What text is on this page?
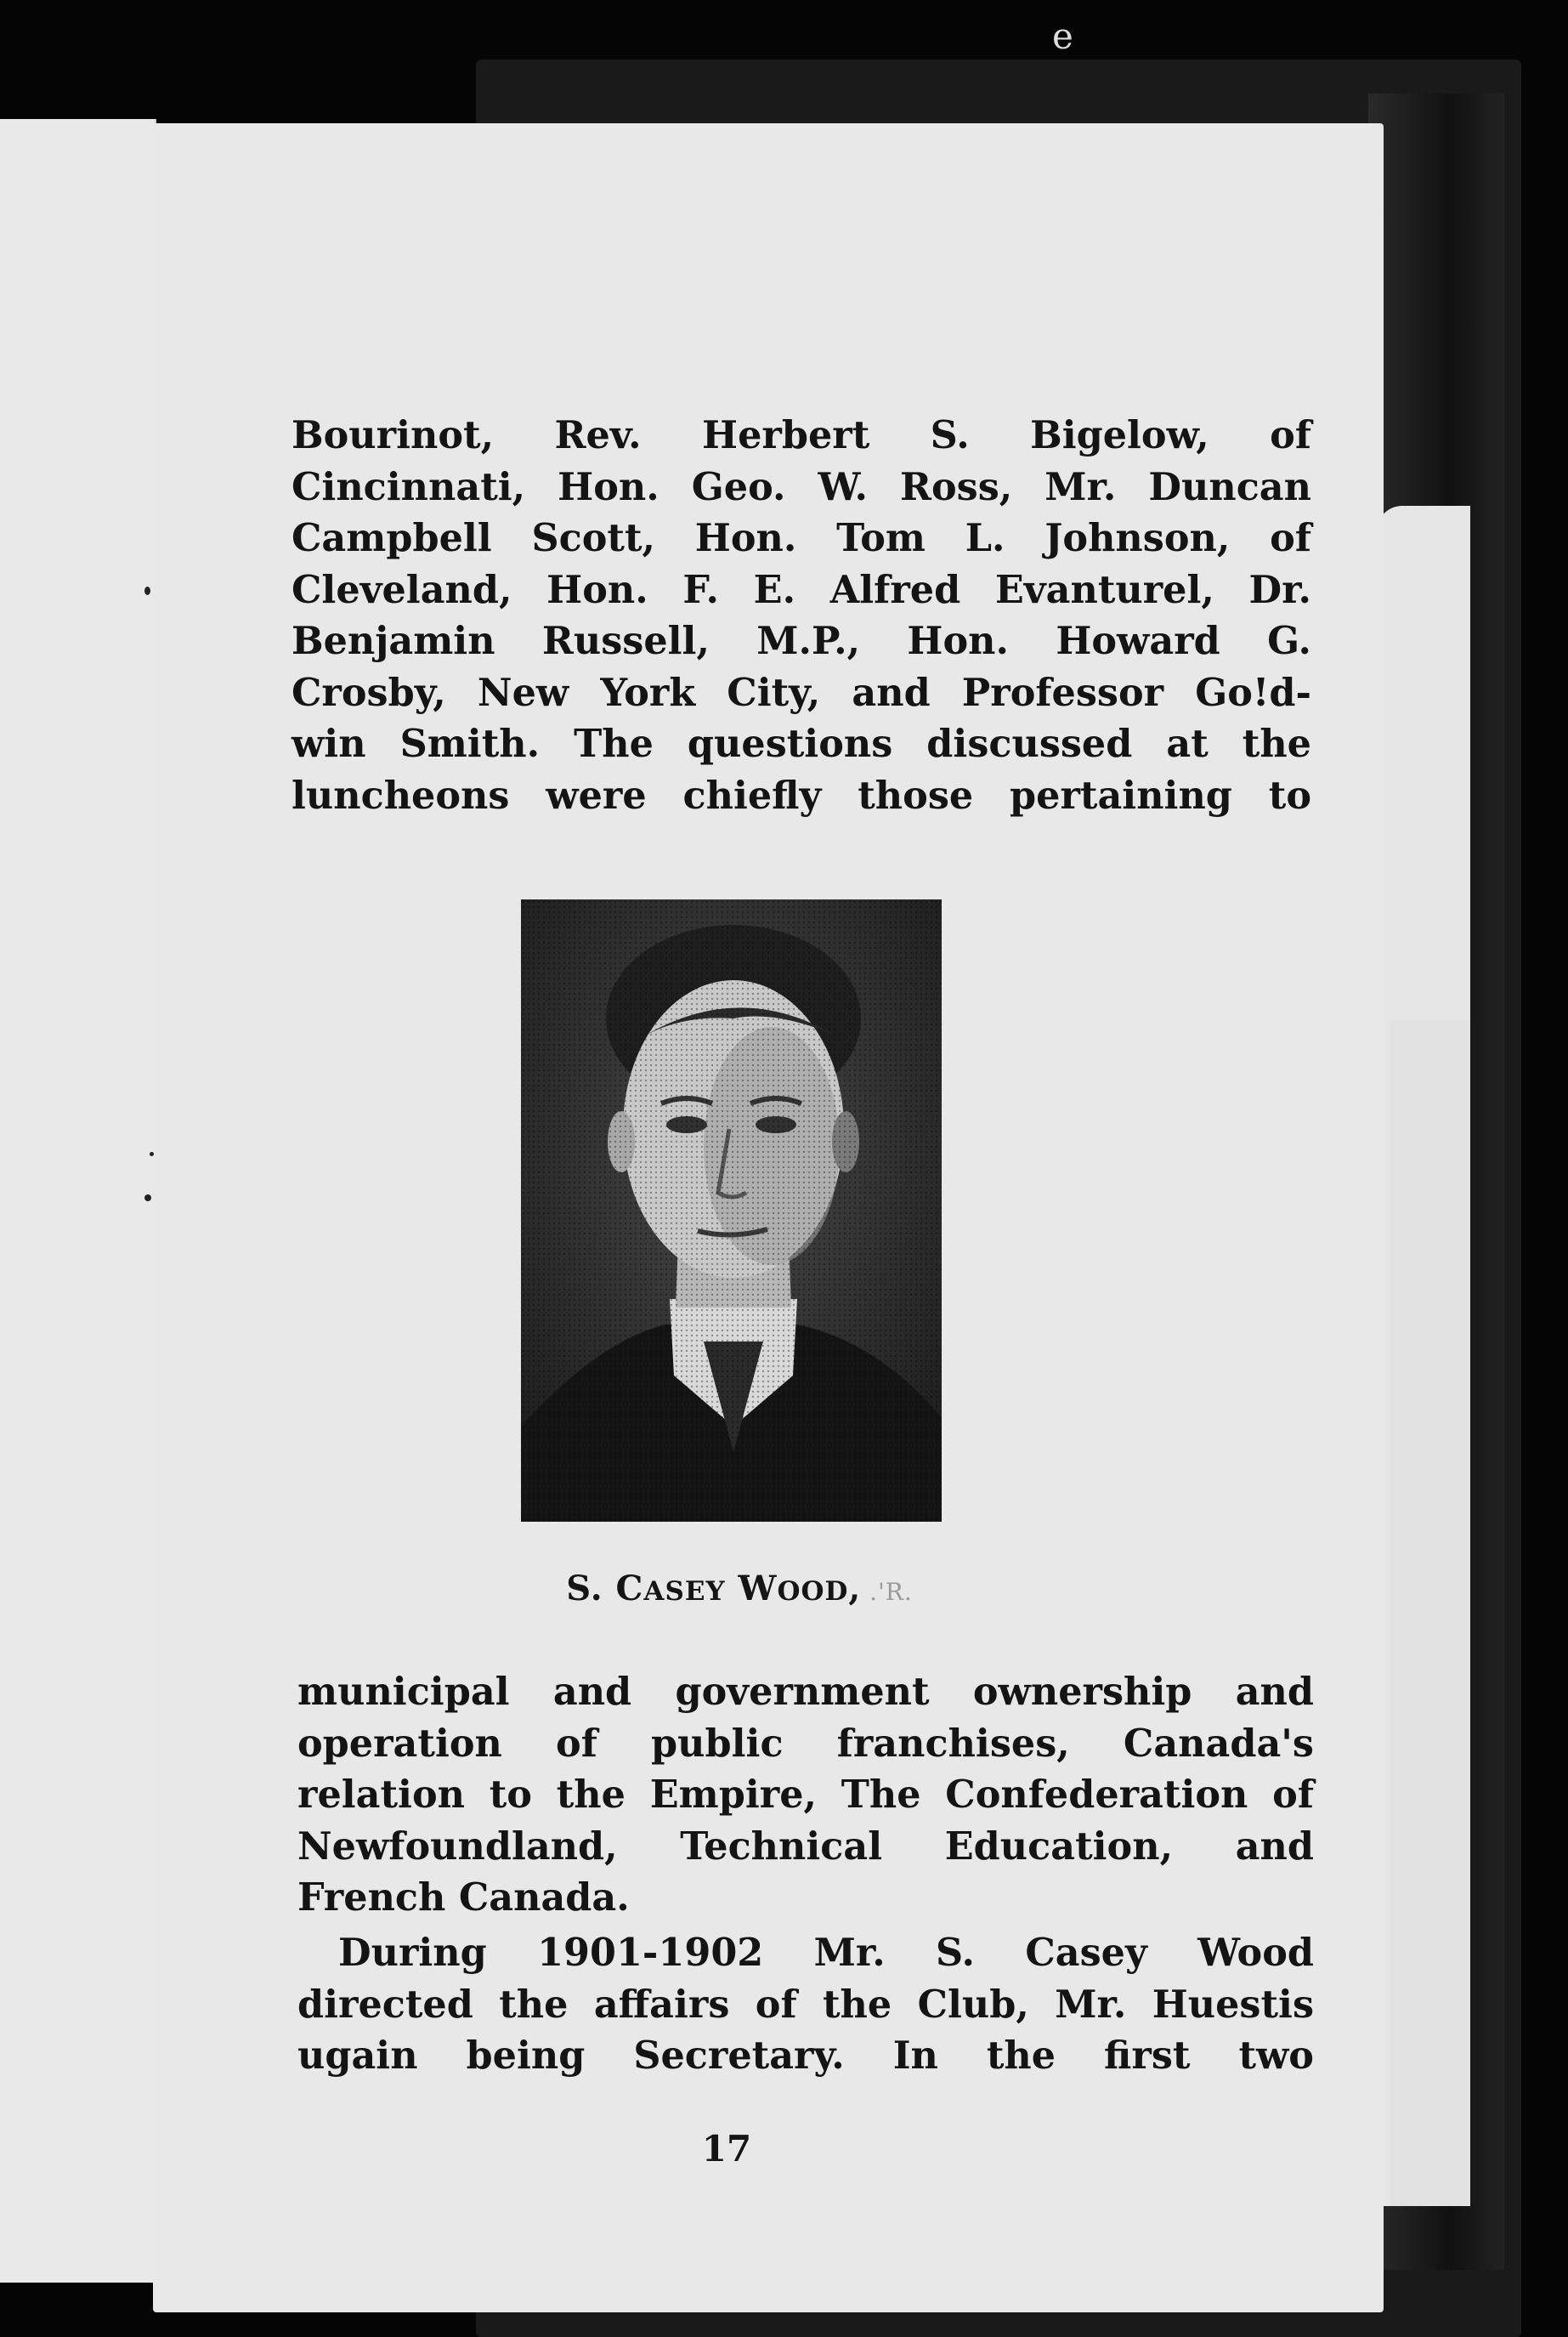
e
Bourinot, Rev. Herbert S. Bigelow, of
Cincinnati, Hon. Geo. W. Ross, Mr. Duncan
Campbell Scott, Hon. Tom L. Johnson, of
Cleveland, Hon. F. E. Alfred Evanturel, Dr.
Benjamin Russell, M.P., Hon. Howard G.
Crosby, New York City, and Professor Go!d-
win Smith. The questions discussed at the
luncheons were chiefly those pertaining to
S. CASEY WOOD, .'R.
municipal and government ownership and
operation of public franchises, Canada's
relation to the Empire, The Confederation of
Newfoundland, Technical Education, and
French Canada.
During 1901-1902 Mr. S. Casey Wood
directed the affairs of the Club, Mr. Huestis
ugain being Secretary. In the first two
17
